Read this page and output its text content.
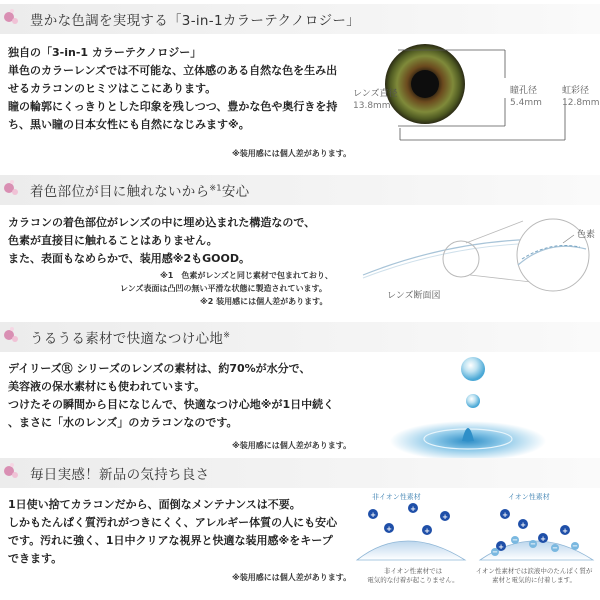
豊かな色調を実現する「3-in-1カラーテクノロジー」
独自の「3-in-1 カラーテクノロジー」
単色のカラーレンズでは不可能な、立体感のある自然な色を生み出
せるカラコンのヒミツはここにあります。
瞳の輪郭にくっきりとした印象を残しつつ、豊かな色や奥行きを持
ち、黒い瞳の日本女性にも自然になじみます※。
※装用感には個人差があります。
レンズ直径
13.8mm
瞳孔径
5.4mm
虹彩径
12.8mm
着色部位が目に触れないから$^{※1}$安心
カラコンの着色部位がレンズの中に埋め込まれた構造なので、
色素が直接目に触れることはありません。
また、表面もなめらかで、装用感※2もGOOD。
※1　色素がレンズと同じ素材で包まれており、
レンズ表面は凸凹の無い平滑な状態に製造されています。
※2 装用感には個人差があります。
色素
レンズ断面図
うるうる素材で快適なつけ心地※
デイリーズⓇ シリーズのレンズの素材は、約70%が水分で、
美容液の保水素材にも使われています。
つけたその瞬間から目になじんで、快適なつけ心地※が1日中続く
、まさに「水のレンズ」のカラコンなのです。
※装用感には個人差があります。
毎日実感！新品の気持ち良さ
1日使い捨てカラコンだから、面倒なメンテナンスは不要。
しかもたんぱく質汚れがつきにくく、アレルギー体質の人にも安心
です。汚れに強く、1日中クリアな視界と快適な装用感※をキープ
できます。
※装用感には個人差があります。
非イオン性素材	イオン性素材
+
+
+
+	+
+
+
+
+
+
− − − −
−
非イオン性素材では
電気的な付着が起こりません。
イオン性素材では涙液中のたんぱく質が
素材と電気的に付着します。
